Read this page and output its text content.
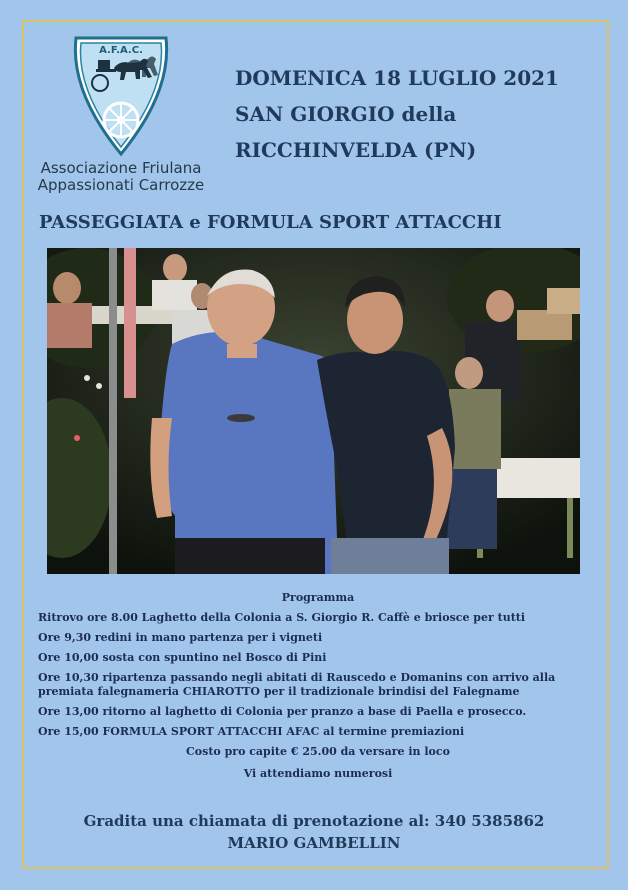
A.F.A.C.
Associazione Friulana
Appassionati Carrozze
DOMENICA 18 LUGLIO 2021
SAN GIORGIO della
RICCHINVELDA (PN)
PASSEGGIATA e FORMULA SPORT ATTACCHI
Programma
Ritrovo ore 8.00 Laghetto della Colonia a S. Giorgio R. Caffè e briosce per tutti
Ore 9,30 redini in mano partenza per i vigneti
Ore 10,00 sosta con spuntino nel Bosco di Pini
Ore 10,30 ripartenza passando negli abitati di Rauscedo e Domanins con arrivo alla premiata falegnameria CHIAROTTO per il tradizionale brindisi del Falegname
Ore 13,00 ritorno al laghetto di Colonia per pranzo a base di Paella e prosecco.
Ore 15,00 FORMULA SPORT ATTACCHI AFAC al termine premiazioni
Costo pro capite € 25.00 da versare in loco
Vi attendiamo numerosi
Gradita una chiamata di prenotazione al: 340 5385862
MARIO GAMBELLIN
